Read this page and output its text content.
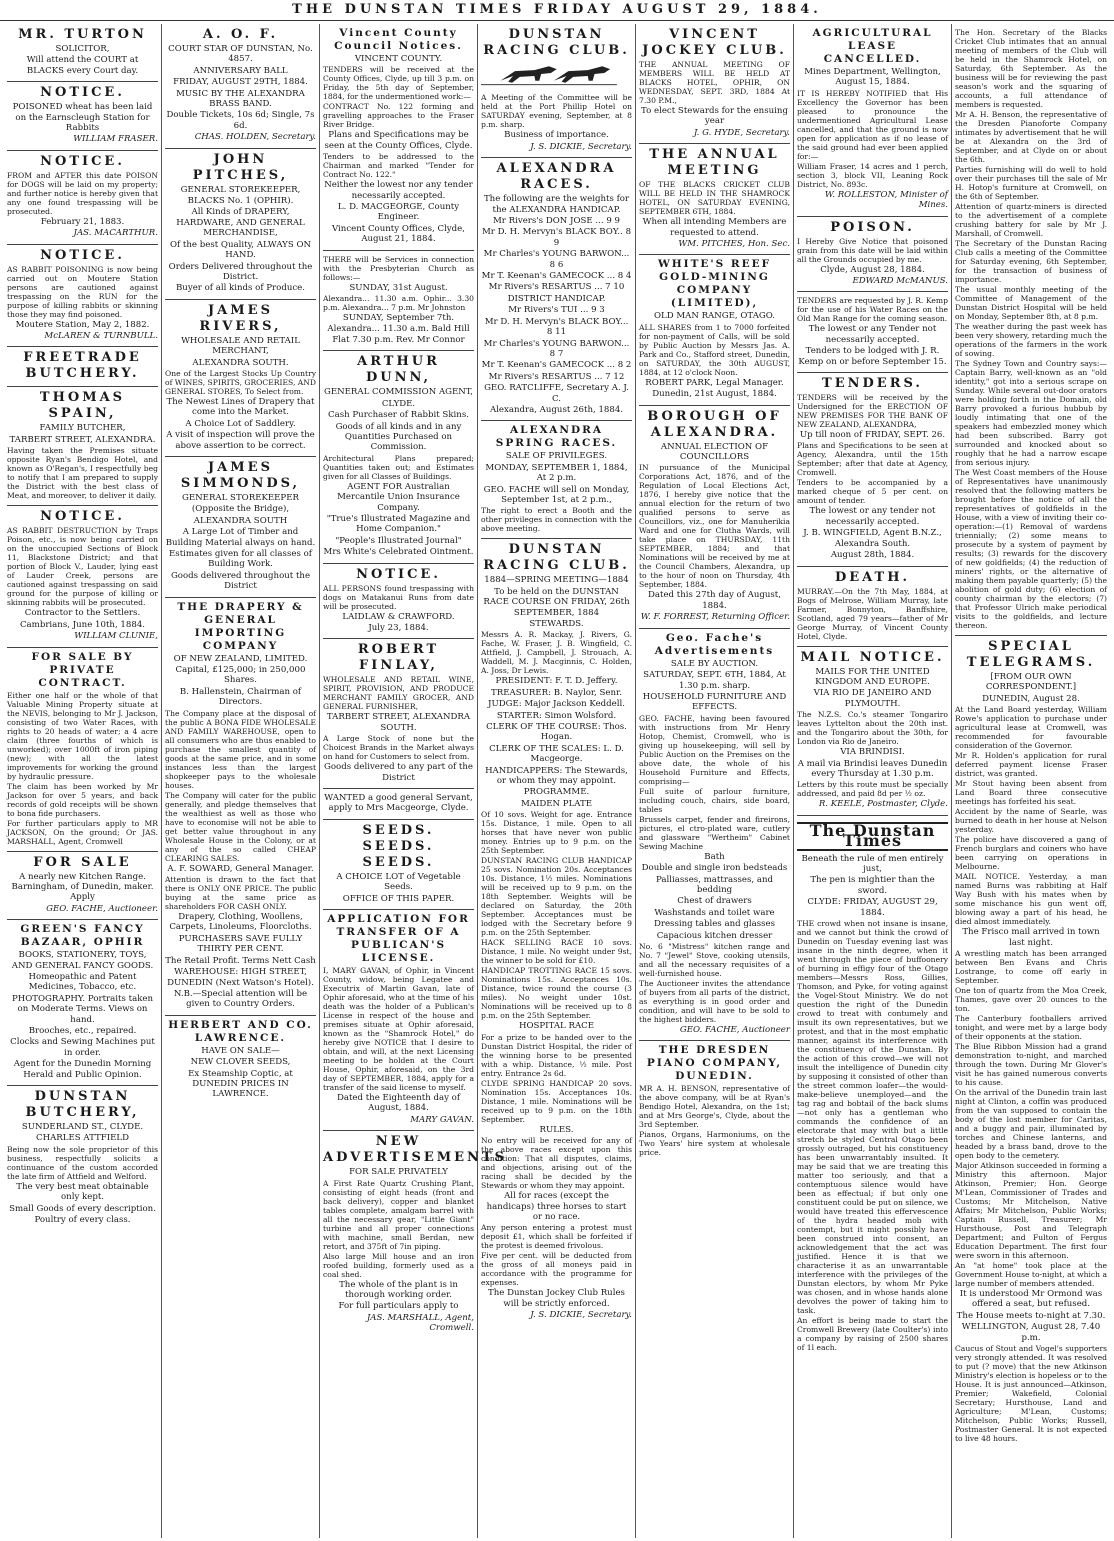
THE DUNSTAN TIMES FRIDAY AUGUST 29, 1884.
MR. TURTON

SOLICITOR,

Will attend the COURT at BLACKS every Court day.

NOTICE.

POISONED wheat has been laid on the Earnscleugh Station for Rabbits

WILLIAM FRASER.

NOTICE.

FROM and AFTER this date POISON for DOGS will be laid on my property; and further notice is hereby given that any one found trespassing will be prosecuted.

February 21, 1883.

JAS. MACARTHUR.

NOTICE.

AS RABBIT POISONING is now being carried out on Moutere Station persons are cautioned against trespassing on the RUN for the purpose of killing rabbits or skinning those they may find poisoned.

Moutere Station, May 2, 1882.

McLAREN & TURNBULL.

FREETRADE BUTCHERY.
THOMAS SPAIN,

FAMILY BUTCHER,

TARBERT STREET, ALEXANDRA.

Having taken the Premises situate opposite Ryan's Bendigo Hotel, and known as O'Regan's, I respectfully beg to notify that I am prepared to supply the District with the best class of Meat, and moreover, to deliver it daily.

NOTICE.

AS RABBIT DESTRUCTION by Traps Poison, etc., is now being carried on on the unoccupied Sections of Block 11, Blackstone District; and that portion of Block V., Lauder, lying east of Lauder Creek, persons are cautioned against trespassing on said ground for the purpose of killing or skinning rabbits will be prosecuted.

Contractor to the Settlers.

Cambrians, June 10th, 1884.

WILLIAM CLUNIE,

FOR SALE BY PRIVATE CONTRACT.

Either one half or the whole of that Valuable Mining Property situate at the NEVIS, belonging to Mr J. Jackson, consisting of two Water Races, with rights to 20 heads of water; a 4 acre claim (three fourths of which is unworked); over 1000ft of iron piping (new); with all the latest improvements for working the ground by hydraulic pressure.

The claim has been worked by Mr Jackson for over 5 years, and back records of gold receipts will be shown to bona fide purchasers.

For further particulars apply to MR JACKSON, On the ground; Or JAS. MARSHALL, Agent, Cromwell

FOR SALE

A nearly new Kitchen Range. Barningham, of Dunedin, maker. Apply

GEO. FACHE, Auctioneer.

GREEN'S FANCY BAZAAR, OPHIR

BOOKS, STATIONERY, TOYS, AND GENERAL FANCY GOODS.

Homeopathic and Patent Medicines, Tobacco, etc.

PHOTOGRAPHY. Portraits taken on Moderate Terms. Views on hand.

Brooches, etc., repaired.

Clocks and Sewing Machines put in order.

Agent for the Dunedin Morning Herald and Public Opinion.

DUNSTAN BUTCHERY,

SUNDERLAND ST., CLYDE.

CHARLES ATTFIELD

Being now the sole proprietor of this business, respectfully solicits a continuance of the custom accorded the late firm of Attfield and Welford.

The very best meat obtainable only kept.

Small Goods of every description.

Poultry of every class.

A. O. F.

COURT STAR OF DUNSTAN, No. 4857.

ANNIVERSARY BALL

FRIDAY, AUGUST 29TH, 1884.

MUSIC BY THE ALEXANDRA BRASS BAND.

Double Tickets, 10s 6d; Single, 7s 6d.

CHAS. HOLDEN, Secretary.

JOHN PITCHES,

GENERAL STOREKEEPER,

BLACKS No. 1 (OPHIR).

All Kinds of DRAPERY, HARDWARE, AND GENERAL MERCHANDISE,

Of the best Quality, ALWAYS ON HAND.

Orders Delivered throughout the District.

Buyer of all kinds of Produce.

JAMES RIVERS,

WHOLESALE AND RETAIL MERCHANT,

ALEXANDRA SOUTH.

One of the Largest Stocks Up Country of WINES, SPIRITS, GROCERIES, AND GENERAL STORES, To Select from.

The Newest Lines of Drapery that come into the Market.

A Choice Lot of Saddlery.

A visit of inspection will prove the above assertion to be correct.

JAMES SIMMONDS,

GENERAL STOREKEEPER

(Opposite the Bridge),

ALEXANDRA SOUTH

A Large Lot of Timber and Building Material always on hand.

Estimates given for all classes of Building Work.

Goods delivered throughout the District

THE DRAPERY & GENERAL IMPORTING COMPANY

OF NEW ZEALAND, LIMITED.

Capital, £125,000; in 250,000 Shares.

B. Hallenstein, Chairman of Directors.

The Company place at the disposal of the public A BONA FIDE WHOLESALE AND FAMILY WAREHOUSE, open to all consumers who are thus enabled to purchase the smallest quantity of goods at the same price, and in some instances less than the largest shopkeeper pays to the wholesale houses.

The Company will cater for the public generally, and pledge themselves that the wealthiest as well as those who have to economise will not be able to get better value throughout in any Wholesale House in the Colony, or at any of the so called CHEAP CLEARING SALES.

A. F. SOWARD, General Manager.

Attention is drawn to the fact that there is ONLY ONE PRICE. The public buying at the same price as shareholders FOR CASH ONLY.

Drapery, Clothing, Woollens, Carpets, Linoleums, Floorcloths.

PURCHASERS SAVE FULLY THIRTY PER CENT.

The Retail Profit. Terms Nett Cash

WAREHOUSE: HIGH STREET, DUNEDIN (Next Watson's Hotel).

N.B.—Special attention will be given to Country Orders.

HERBERT AND CO. LAWRENCE.

HAVE ON SALE—

NEW CLOVER SEEDS,

Ex Steamship Coptic, at DUNEDIN PRICES IN LAWRENCE.

Vincent County Council Notices.

VINCENT COUNTY.

TENDERS will be received at the County Offices, Clyde, up till 3 p.m. on Friday, the 5th day of September, 1884, for the undermentioned work:—

CONTRACT No. 122 forming and gravelling approaches to the Fraser River Bridge.

Plans and Specifications may be seen at the County Offices, Clyde.

Tenders to be addressed to the Chairman and marked "Tender for Contract No. 122."

Neither the lowest nor any tender necessarily accepted.

L. D. MACGEORGE, County Engineer.

Vincent County Offices, Clyde, August 21, 1884.

THERE will be Services in connection with the Presbyterian Church as follows:—

SUNDAY, 31st August.

Alexandra... 11.30 a.m. Ophir... 3.30 p.m. Alexandra... 7 p.m. Mr Johnston

SUNDAY, September 7th.

Alexandra... 11.30 a.m. Bald Hill Flat 7.30 p.m. Rev. Mr Connor

ARTHUR DUNN,

GENERAL COMMISSION AGENT,

CLYDE.

Cash Purchaser of Rabbit Skins.

Goods of all kinds and in any Quantities Purchased on Commission.

Architectural Plans prepared; Quantities taken out; and Estimates given for all Classes of Buildings.

AGENT FOR Australian Mercantile Union Insurance Company.

"True's Illustrated Magazine and Home Companion."

"People's Illustrated Journal"

Mrs White's Celebrated Ointment.

NOTICE.

ALL PERSONS found trespassing with dogs on Matakanui Runs from date will be prosecuted.

LAIDLAW & CRAWFORD.

July 23, 1884.

ROBERT FINLAY,

WHOLESALE AND RETAIL WINE, SPIRIT, PROVISION, AND PRODUCE MERCHANT FAMILY GROCER, AND GENERAL FURNISHER,

TARBERT STREET, ALEXANDRA SOUTH.

A Large Stock of none but the Choicest Brands in the Market always on hand for Customers to select from.

Goods delivered to any part of the District

WANTED a good general Servant, apply to Mrs Macgeorge, Clyde.

SEEDS. SEEDS. SEEDS.

A CHOICE LOT of Vegetable Seeds.

OFFICE OF THIS PAPER.

APPLICATION FOR TRANSFER OF A PUBLICAN'S LICENSE.

I, MARY GAVAN, of Ophir, in Vincent County, widow, being Legatee and Executrix of Martin Gavan, late of Ophir aforesaid, who at the time of his death was the holder of a Publican's License in respect of the house and premises situate at Ophir aforesaid, known as the "Shamrock Hotel," do hereby give NOTICE that I desire to obtain, and will, at the next Licensing meeting to be holden at the Court House, Ophir, aforesaid, on the 3rd day of SEPTEMBER, 1884, apply for a transfer of the said license to myself.

Dated the Eighteenth day of August, 1884.

MARY GAVAN.

NEW ADVERTISEMENTS

FOR SALE PRIVATELY

A First Rate Quartz Crushing Plant, consisting of eight heads (front and back delivery), copper and blanket tables complete, amalgam barrel with all the necessary gear, "Little Giant" turbine and all proper connections with machine, small Berdan, new retort, and 375ft of 7in piping.

Also large Mill house and an iron roofed building, formerly used as a coal shed.

The whole of the plant is in thorough working order.

For full particulars apply to

JAS. MARSHALL, Agent, Cromwell.

DUNSTAN RACING CLUB.

A Meeting of the Committee will be held at the Port Phillip Hotel on SATURDAY evening, September, at 8 p.m. sharp.

Business of importance.

J. S. DICKIE, Secretary.

ALEXANDRA RACES.

The following are the weights for the ALEXANDRA HANDICAP.

Mr Rivers's DON JOSE ... 9 9

Mr D. H. Mervyn's BLACK BOY.. 8 9

Mr Charles's YOUNG BARWON... 8 6

Mr T. Keenan's GAMECOCK ... 8 4

Mr Rivers's RESARTUS ... 7 10

DISTRICT HANDICAP.

Mr Rivers's TUI ... 9 3

Mr D. H. Mervyn's BLACK BOY... 8 11

Mr Charles's YOUNG BARWON... 8 7

Mr T. Keenan's GAMECOCK ... 8 2

Mr Rivers's RESARTUS ... 7 12

GEO. RATCLIFFE, Secretary A. J. C.

Alexandra, August 26th, 1884.

ALEXANDRA SPRING RACES.

SALE OF PRIVILEGES.

MONDAY, SEPTEMBER 1, 1884, At 2 p.m.

GEO. FACHE will sell on Monday, September 1st, at 2 p.m.,

The right to erect a Booth and the other privileges in connection with the above meeting.

DUNSTAN RACING CLUB.

1884—SPRING MEETING—1884

To be held on the DUNSTAN RACE COURSE ON FRIDAY, 26th SEPTEMBER, 1884

STEWARDS.

Messrs A. R. Mackay, J. Rivers, G. Fache, W. Fraser, J. B. Wingfield, C. Attfield, J. Campbell, J. Strouach, A. Waddell, M. J. Macginnis, C. Holden, A. Joss, Dr Lewis.

PRESIDENT: F. T. D. Jeffery.

TREASURER: B. Naylor, Senr.

JUDGE: Major Jackson Keddell.

STARTER: Simon Wolsford.

CLERK OF THE COURSE: Thos. Hogan.

CLERK OF THE SCALES: L. D. Macgeorge.

HANDICAPPERS: The Stewards, or whom they may appoint.

PROGRAMME.

MAIDEN PLATE

Of 10 sovs. Weight for age. Entrance 15s. Distance, 1 mile. Open to all horses that have never won public money. Entries up to 9 p.m. on the 25th September.

DUNSTAN RACING CLUB HANDICAP 25 sovs. Nomination 20s. Acceptances 10s. Distance, 1½ miles. Nominations will be received up to 9 p.m. on the 18th September. Weights will be declared on Saturday, the 20th September. Acceptances must be lodged with the Secretary before 9 p.m. on the 25th September.

HACK SELLING RACE 10 sovs. Distance, 1 mile. No weight under 9st, the winner to be sold for £10.

HANDICAP TROTTING RACE 15 sovs. Nominations 15s. Acceptances 10s. Distance, twice round the course (3 miles). No weight under 10st. Nominations will be received up to 8 p.m. on the 25th September.

HOSPITAL RACE

For a prize to be handed over to the Dunstan District Hospital, the rider of the winning horse to be presented with a whip. Distance, ½ mile. Post entry. Entrance 2s 6d.

CLYDE SPRING HANDICAP 20 sovs. Nomination 15s. Acceptances 10s. Distance, 1 mile. Nominations will be received up to 9 p.m. on the 18th September.

RULES.

No entry will be received for any of the above races except upon this condition: That all disputes, claims, and objections, arising out of the racing shall be decided by the Stewards or whom they may appoint.

All for races (except the handicaps) three horses to start or no race.

Any person entering a protest must deposit £1, which shall be forfeited if the protest is deemed frivolous.

Five per cent. will be deducted from the gross of all moneys paid in accordance with the programme for expenses.

The Dunstan Jockey Club Rules will be strictly enforced.

J. S. DICKIE, Secretary.

VINCENT JOCKEY CLUB.

THE ANNUAL MEETING OF MEMBERS WILL BE HELD AT BLACKS HOTEL, OPHIR, ON WEDNESDAY, SEPT. 3RD, 1884 At 7.30 P.M.,

To elect Stewards for the ensuing year

J. G. HYDE, Secretary.

THE ANNUAL MEETING

OF THE BLACKS CRICKET CLUB WILL BE HELD IN THE SHAMROCK HOTEL, ON SATURDAY EVENING, SEPTEMBER 6TH, 1884.

When all intending Members are requested to attend.

WM. PITCHES, Hon. Sec.

WHITE'S REEF GOLD-MINING COMPANY (LIMITED),

OLD MAN RANGE, OTAGO.

ALL SHARES from 1 to 7000 forfeited for non-payment of Calls, will be sold by Public Auction by Messrs Jas. A. Park and Co., Stafford street, Dunedin, on SATURDAY, the 30th AUGUST, 1884, at 12 o'clock Noon.

ROBERT PARK, Legal Manager.

Dunedin, 21st August, 1884.

BOROUGH OF ALEXANDRA.

ANNUAL ELECTION OF COUNCILLORS

IN pursuance of the Municipal Corporations Act, 1876, and of the Regulation of Local Elections Act, 1876, I hereby give notice that the annual election for the return of two qualified persons to serve as Councillors, viz., one for Manuherikia Ward and one for Clutha Wards, will take place on THURSDAY, 11th SEPTEMBER, 1884; and that Nominations will be received by me at the Council Chambers, Alexandra, up to the hour of noon on Thursday, 4th September, 1884.

Dated this 27th day of August, 1884.

W. F. FORREST, Returning Officer.

Geo. Fache's Advertisements

SALE BY AUCTION.

SATURDAY, SEPT. 6TH, 1884, At 1.30 p.m. sharp.

HOUSEHOLD FURNITURE AND EFFECTS.

GEO. FACHE, having been favoured with instructions from Mr Henry Hotop, Chemist, Cromwell, who is giving up housekeeping, will sell by Public Auction on the Premises on the above date, the whole of his Household Furniture and Effects, comprising—

Full suite of parlour furniture, including couch, chairs, side board, tables

Brussels carpet, fender and fireirons, pictures, el ctro-plated ware, cutlery and glassware "Wertheim" Cabinet Sewing Machine

Bath

Double and single iron bedsteads

Palliasses, mattrasses, and bedding

Chest of drawers

Washstands and toilet ware

Dressing tables and glasses

Capacious kitchen dresser

No. 6 "Mistress" kitchen range and No. 7 "Jewel" Stove, cooking utensils, and all the necessary requisites of a well-furnished house.

The Auctioneer invites the attendance of buyers from all parts of the district, as everything is in good order and condition, and will have to be sold to the highest bidders.

GEO. FACHE, Auctioneer

THE DRESDEN PIANO COMPANY, DUNEDIN.

MR A. H. BENSON, representative of the above company, will be at Ryan's Bendigo Hotel, Alexandra, on the 1st; and at Mrs George's, Clyde, about the 3rd September.

Pianos, Organs, Harmoniums, on the Two Years' hire system at wholesale price.

AGRICULTURAL LEASE CANCELLED.

Mines Department, Wellington, August 15, 1884.

IT IS HEREBY NOTIFIED that His Excellency the Governor has been pleased to pronounce the undermentioned Agricultural Lease cancelled, and that the ground is now open for application as if no lease of the said ground had ever been applied for:—

William Fraser, 14 acres and 1 perch, section 3, block VII, Leaning Rock District, No. 893c.

W. ROLLESTON, Minister of Mines.

POISON.

I Hereby Give Notice that poisoned grain from this date will be laid within all the Grounds occupied by me.

Clyde, August 28, 1884.

EDWARD McMANUS.

TENDERS are requested by J. R. Kemp for the use of his Water Races on the Old Man Range for the coming season.

The lowest or any Tender not necessarily accepted.

Tenders to be lodged with J. R. Kemp on or before September 15.

TENDERS.

TENDERS will be received by the Undersigned for the ERECTION OF NEW PREMISES FOR THE BANK OF NEW ZEALAND, ALEXANDRA,

Up till noon of FRIDAY, SEPT. 26.

Plans and Specifications to be seen at Agency, Alexandra, until the 15th September; after that date at Agency, Cromwell.

Tenders to be accompanied by a marked cheque of 5 per cent. on amount of tender.

The lowest or any tender not necessarily accepted.

J. B. WINGFIELD, Agent B.N.Z., Alexandra South.

August 28th, 1884.

DEATH.

MURRAY.—On the 7th May, 1884, at Bogs of Melrose, William Murray, late Farmer, Bonnyton, Banffshire, Scotland, aged 79 years—father of Mr George Murray, of Vincent County Hotel, Clyde.

MAIL NOTICE.

MAILS FOR THE UNITED KINGDOM AND EUROPE.

VIA RIO DE JANEIRO AND PLYMOUTH.

The N.Z.S. Co.'s steamer Tongariro leaves Lyttelton about the 20th inst. and the Tongariro about the 30th, for London via Rio de Janeiro.

VIA BRINDISI.

A mail via Brindisi leaves Dunedin every Thursday at 1.30 p.m.

Letters by this route must be specially addressed, and paid 8d per ½ oz.

R. KEELE, Postmaster, Clyde.

The Dunstan Times

Beneath the rule of men entirely just,

The pen is mightier than the sword.

CLYDE: FRIDAY, AUGUST 29, 1884.

THE crowd when not insane is insane, and we cannot but think the crowd of Dunedin on Tuesday evening last was insane in the ninth degree, when it went through the piece of buffoonery of burning in effigy four of the Otago members—Messrs Ross, Gillies, Thomson, and Pyke, for voting against the Vogel-Stout Ministry. We do not question the right of the Dunedin crowd to treat with contumely and insult its own representatives, but we protest, and that in the most emphatic manner, against its interference with the constituency of the Dunstan. By the action of this crowd—we will not insult the intelligence of Dunedin city by supposing it consisted of other than the street common loafer—the would-make-believe unemployed—and the tag rag and bobtail of the back slums—not only has a gentleman who commands the confidence of an electorate that may with but a little stretch be styled Central Otago been grossly outraged, but his constituency has been unwarrantably insulted. It may be said that we are treating this matter too seriously, and that a contemptuous silence would have been as effectual; if but only one constituent could be put on silence, we would have treated this effervescence of the hydra headed mob with contempt, but it might possibly have been construed into consent, an acknowledgement that the act was justified. Hence it is that we characterise it as an unwarrantable interference with the privileges of the Dunstan electors, by whom Mr Pyke was chosen, and in whose hands alone devolves the power of taking him to task.

An effort is being made to start the Cromwell Brewery (late Coulter's) into a company by raising of 2500 shares of 1l each.

The Hon. Secretary of the Blacks Cricket Club intimates that an annual meeting of members of the Club will be held in the Shamrock Hotel, on Saturday, 6th September. As the business will be for reviewing the past season's work and the squaring of accounts, a full attendance of members is requested.

Mr A. H. Benson, the representative of the Dresden Pianoforte Company intimates by advertisement that he will be at Alexandra on the 3rd of September, and at Clyde on or about the 6th.

Parties furnishing will do well to hold over their purchases till the sale of Mr H. Hotop's furniture at Cromwell, on the 6th of September.

Attention of quartz-miners is directed to the advertisement of a complete crushing battery for sale by Mr J. Marshall, of Cromwell.

The Secretary of the Dunstan Racing Club calls a meeting of the Committee for Saturday evening, 6th September, for the transaction of business of importance.

The usual monthly meeting of the Committee of Management of the Dunstan District Hospital will be held on Monday, September 8th, at 8 p.m.

The weather during the past week has been very showery, retarding much the operations of the farmers in the work of sowing.

The Sydney Town and Country says:—Captain Barry, well-known as an "old identity," got into a serious scrape on Sunday. While several out-door orators were holding forth in the Domain, old Barry provoked a furious hubbub by loudly intimating that one of the speakers had embezzled money which had been subscribed. Barry got surrounded and knocked about so roughly that he had a narrow escape from serious injury.

The West Coast members of the House of Representatives have unanimously resolved that the following matters be brought before the notice of all the representatives of goldfields in the House, with a view of inviting their co-operation:—(1) Removal of wardens triennially; (2) some means to prosecute by a system of payment by results; (3) rewards for the discovery of new goldfields; (4) the reduction of miners' rights, or the alternative of making them payable quarterly; (5) the abolition of gold duty; (6) election of county chairman by the electors; (7) that Professor Ulrich make periodical visits to the goldfields, and lecture thereon.

SPECIAL TELEGRAMS.

[FROM OUR OWN CORRESPONDENT.]

DUNEDIN, August 28.

At the Land Board yesterday, William Rowe's application to purchase under agricultural lease at Cromwell, was recommended for favourable consideration of the Governor.

Mr R. Holden's application for rural deferred payment license Fraser district, was granted.

Mr Stout having been absent from Land Board three consecutive meetings has forfeited his seat.

Accident by the name of Searle, was burned to death in her house at Nelson yesterday.

The police have discovered a gang of French burglars and coiners who have been carrying on operations in Melbourne.

MAIL NOTICE. Yesterday, a man named Burns was rabbiting at Half Way Bush with his mates when by some mischance his gun went off, blowing away a part of his head, he died almost immediately.

The Frisco mail arrived in town last night.

A wrestling match has been arranged between Ben Evans and Chris Lostrange, to come off early in September.

One ton of quartz from the Moa Creek, Thames, gave over 20 ounces to the ton.

The Canterbury footballers arrived tonight, and were met by a large body of their opponents at the station.

The Blue Ribbon Mission had a grand demonstration to-night, and marched through the town. During Mr Glover's visit he has gained numerous converts to his cause.

On the arrival of the Dunedin train last night at Clinton, a coffin was produced from the van supposed to contain the body of the lost member for Caritas, and a buggy and pair, illuminated by torches and Chinese lanterns, and headed by a brass band, drove to the open body to the cemetery.

Major Atkinson succeeded in forming a Ministry this afternoon. Major Atkinson, Premier; Hon. George M'Lean, Commissioner of Trades and Customs; Mr Mitchelson, Native Affairs; Mr Mitchelson, Public Works; Captain Russell, Treasurer; Mr Hursthouse, Post and Telegraph Department; and Fulton of Fergus Education Department. The first four were sworn in this afternoon.

An "at home" took place at the Government House to-night, at which a large number of members attended.

It is understood Mr Ormond was offered a seat, but refused.

The House meets to-night at 7.30.

WELLINGTON, August 28, 7.40 p.m.

Caucus of Stout and Vogel's supporters very strongly attended. It was resolved to put (? move) that the new Atkinson Ministry's election is hopeless or to the House. It is just announced—Atkinson, Premier; Wakefield, Colonial Secretary; Hursthouse, Land and Agriculture; M'Lean, Customs; Mitchelson, Public Works; Russell, Postmaster General. It is not expected to live 48 hours.
